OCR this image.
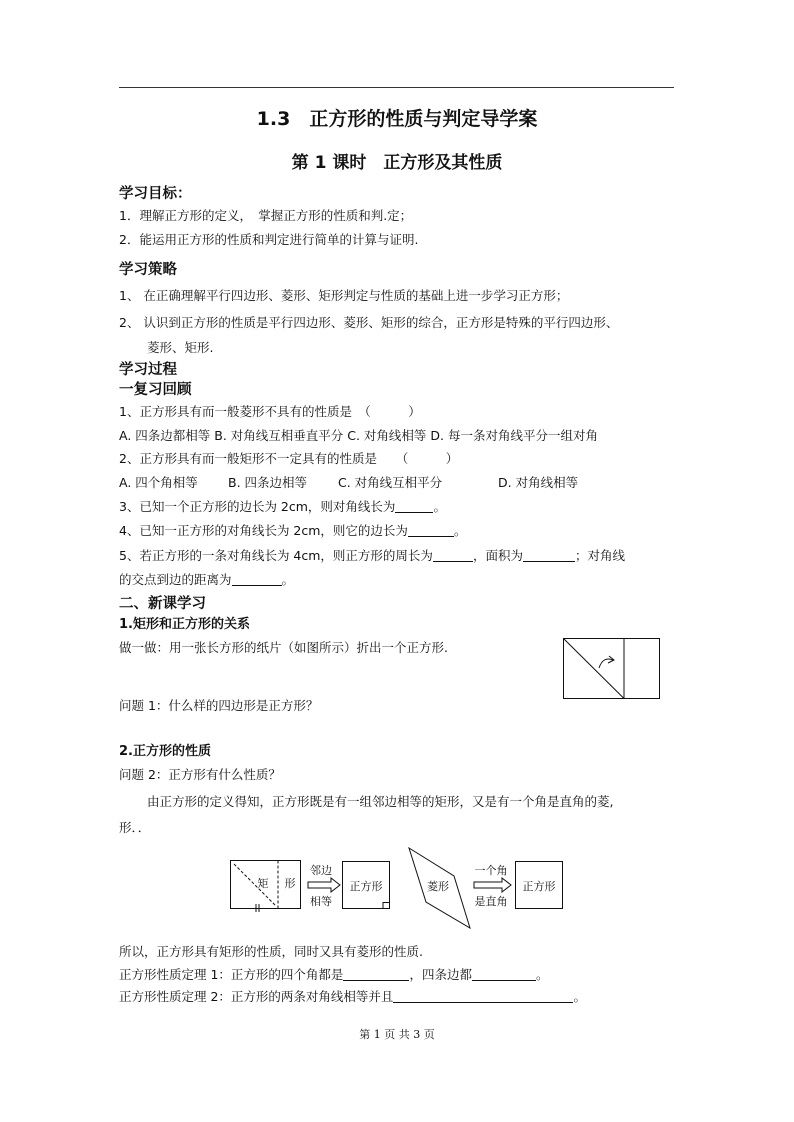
1.3　正方形的性质与判定导学案
第 1 课时　正方形及其性质
学习目标：
1．理解正方形的定义，　掌握正方形的性质和判.定；
2．能运用正方形的性质和判定进行简单的计算与证明.
学习策略
1、 在正确理解平行四边形、菱形、矩形判定与性质的基础上进一步学习正方形；
2、 认识到正方形的性质是平行四边形、菱形、矩形的综合，正方形是特殊的平行四边形、
菱形、矩形.
学习过程
一复习回顾
1、正方形具有而一般菱形不具有的性质是　（　　　）
A. 四条边都相等 B. 对角线互相垂直平分 C. 对角线相等 D. 每一条对角线平分一组对角
2、正方形具有而一般矩形不一定具有的性质是　　（　　　）
A. 四个角相等 B. 四条边相等 C. 对角线互相平分	D. 对角线相等
3、已知一个正方形的边长为 2cm，则对角线长为	。
4、已知一正方形的对角线长为 2cm，则它的边长为	。
5、若正方形的一条对角线长为 4cm，则正方形的周长为	，面积为	；对角线
的交点到边的距离为	。
二、新课学习
1.矩形和正方形的关系
做一做：用一张长方形的纸片（如图所示）折出一个正方形.
问题 1：什么样的四边形是正方形？
2.正方形的性质
问题 2：正方形有什么性质？
由正方形的定义得知，正方形既是有一组邻边相等的矩形，又是有一个角是直角的菱,
形．．
矩 形
邻边
相等
正方形	菱形
一个角
是直角
正方形
所以，正方形具有矩形的性质，同时又具有菱形的性质.
正方形性质定理 1：正方形的四个角都是	，四条边都	。
正方形性质定理 2：正方形的两条对角线相等并且	。
第 1 页 共 3 页
